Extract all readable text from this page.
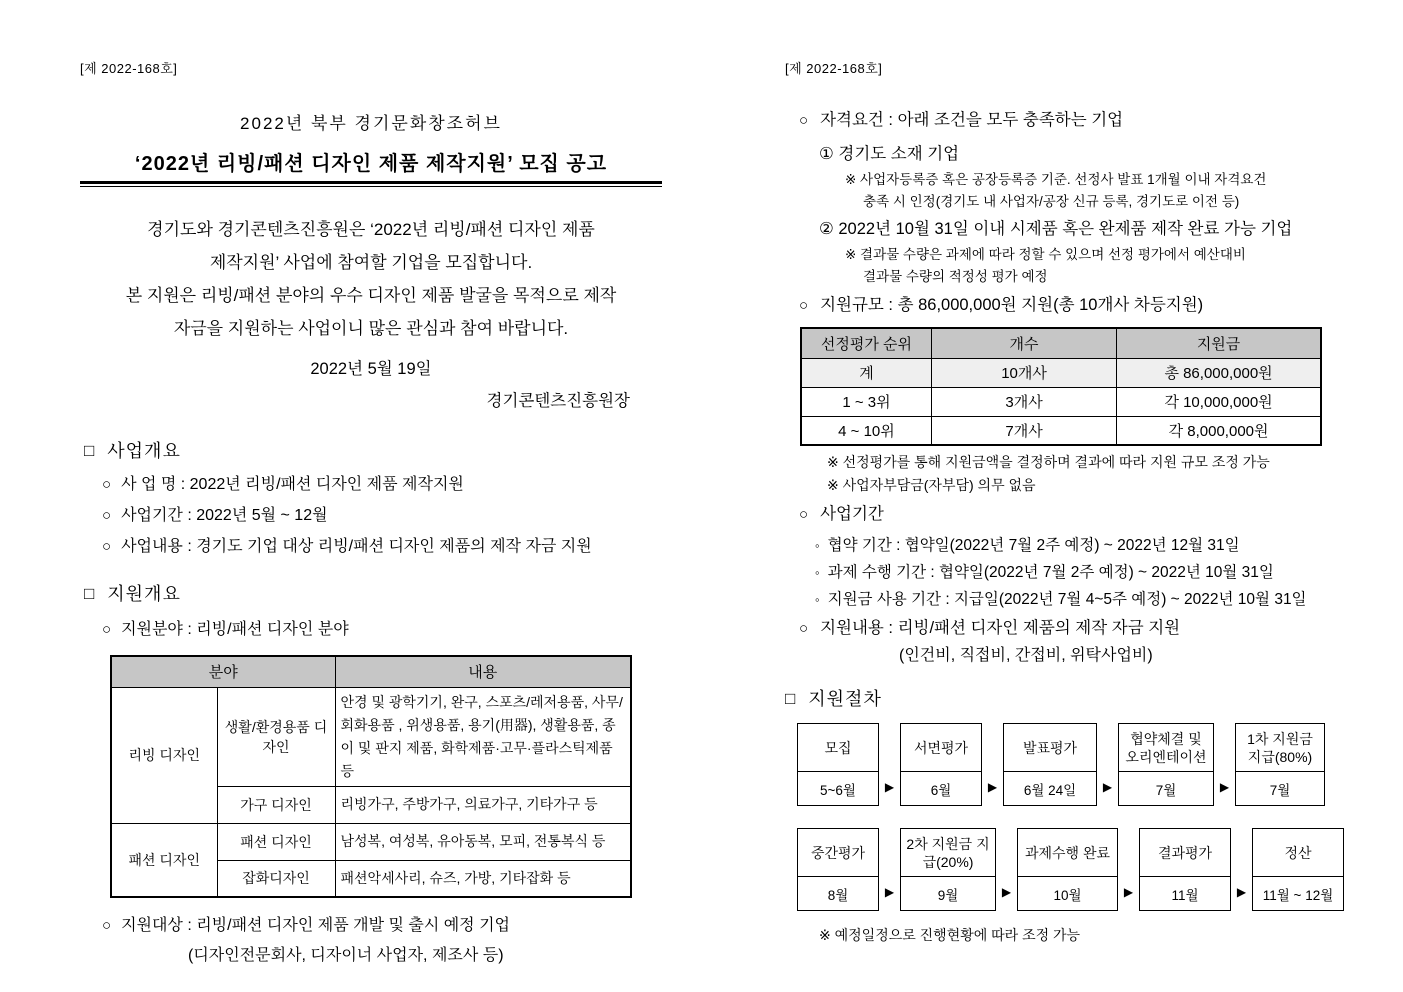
[제 2022-168호]
2022년 북부 경기문화창조허브
‘2022년 리빙/패션 디자인 제품 제작지원’ 모집 공고
경기도와 경기콘텐츠진흥원은 ‘2022년 리빙/패션 디자인 제품
제작지원’ 사업에 참여할 기업을 모집합니다.
본 지원은 리빙/패션 분야의 우수 디자인 제품 발굴을 목적으로 제작
자금을 지원하는 사업이니 많은 관심과 참여 바랍니다.
2022년 5월 19일
경기콘텐츠진흥원장
□ 사업개요
○ 사 업 명 : 2022년 리빙/패션 디자인 제품 제작지원
○ 사업기간 : 2022년 5월 ~ 12월
○ 사업내용 : 경기도 기업 대상 리빙/패션 디자인 제품의 제작 자금 지원
□ 지원개요
○ 지원분야 : 리빙/패션 디자인 분야
분야		내용
리빙 디자인	생활/환경용품 디자인	안경 및 광학기기, 완구, 스포츠/레저용품, 사무/회화용품 , 위생용품, 용기(用器), 생활용품, 종이 및 판지 제품, 화학제품·고무·플라스틱제품 등
	가구 디자인	리빙가구, 주방가구, 의료가구, 기타가구 등
패션 디자인	패션 디자인	남성복, 여성복, 유아동복, 모피, 전통복식 등
	잡화디자인	패션악세사리, 슈즈, 가방, 기타잡화 등
○ 지원대상 : 리빙/패션 디자인 제품 개발 및 출시 예정 기업
(디자인전문회사, 디자이너 사업자, 제조사 등)
[제 2022-168호]
○ 자격요건 : 아래 조건을 모두 충족하는 기업
① 경기도 소재 기업
※ 사업자등록증 혹은 공장등록증 기준. 선정사 발표 1개월 이내 자격요건
충족 시 인정(경기도 내 사업자/공장 신규 등록, 경기도로 이전 등)
② 2022년 10월 31일 이내 시제품 혹은 완제품 제작 완료 가능 기업
※ 결과물 수량은 과제에 따라 정할 수 있으며 선정 평가에서 예산대비
결과물 수량의 적정성 평가 예정
○ 지원규모 : 총 86,000,000원 지원(총 10개사 차등지원)
선정평가 순위	개수	지원금
계	10개사	총 86,000,000원
1 ~ 3위	3개사	각 10,000,000원
4 ~ 10위	7개사	각 8,000,000원
※ 선정평가를 통해 지원금액을 결정하며 결과에 따라 지원 규모 조정 가능
※ 사업자부담금(자부담) 의무 없음
○ 사업기간
◦ 협약 기간 : 협약일(2022년 7월 2주 예정) ~ 2022년 12월 31일
◦ 과제 수행 기간 : 협약일(2022년 7월 2주 예정) ~ 2022년 10월 31일
◦ 지원금 사용 기간 : 지급일(2022년 7월 4~5주 예정) ~ 2022년 10월 31일
○ 지원내용 : 리빙/패션 디자인 제품의 제작 자금 지원
(인건비, 직접비, 간접비, 위탁사업비)
□ 지원절차
모집
5~6월	▶
서면평가
6월	▶
발표평가
6월 24일	▶
협약체결 및 오리엔테이션
7월	▶
1차 지원금 지급(80%)
7월
중간평가
8월	▶
2차 지원금 지급(20%)
9월	▶
과제수행 완료
10월	▶
결과평가
11월	▶
정산
11월 ~ 12월
※ 예정일정으로 진행현황에 따라 조정 가능
